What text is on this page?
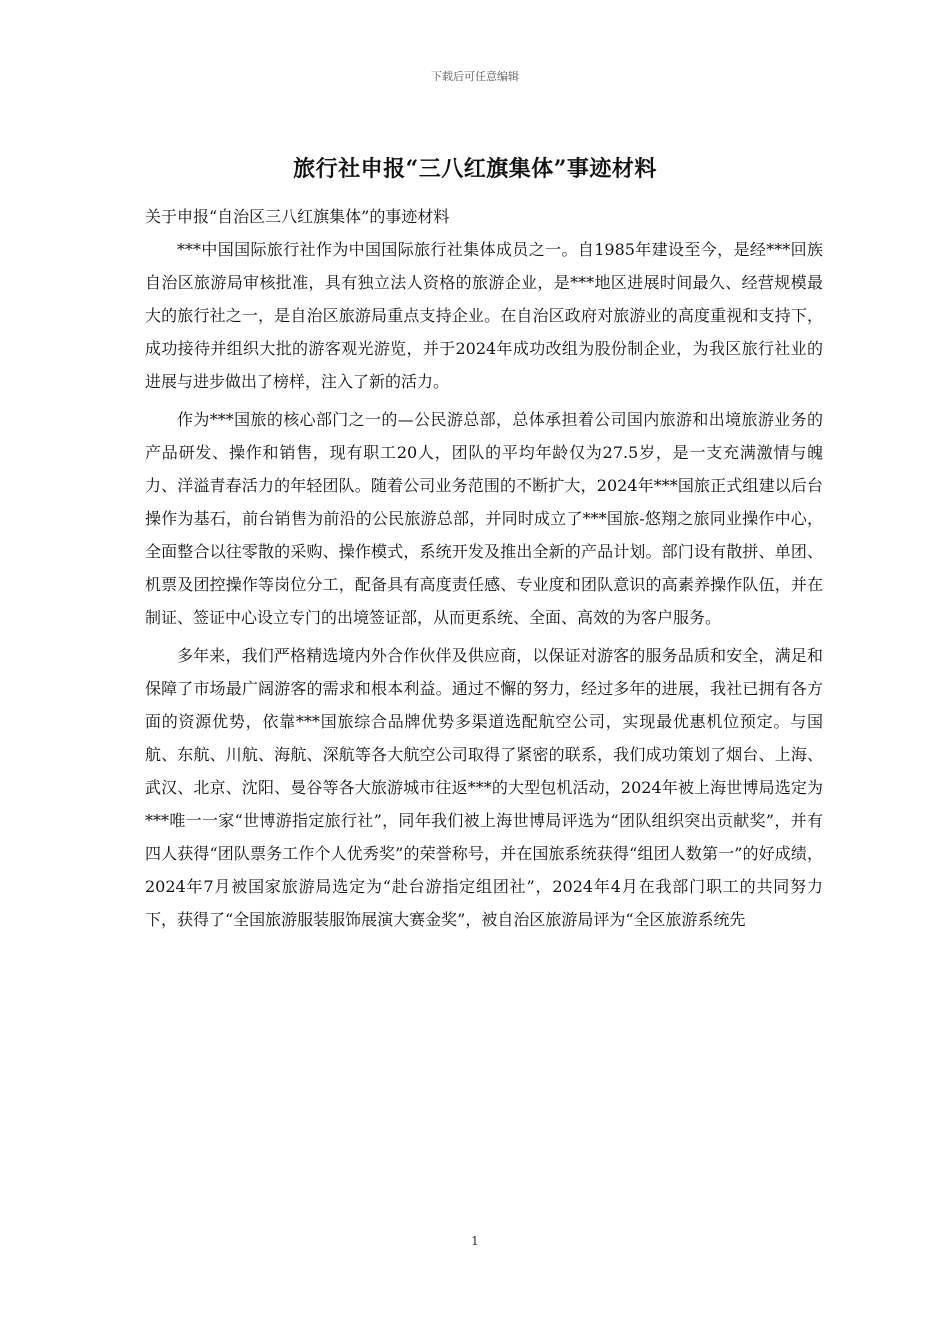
下载后可任意编辑
旅行社申报“三八红旗集体”事迹材料

关于申报“自治区三八红旗集体”的事迹材料

***中国国际旅行社作为中国国际旅行社集体成员之一。自1985年建设至今，是经***回族自治区旅游局审核批准，具有独立法人资格的旅游企业，是***地区进展时间最久、经营规模最大的旅行社之一，是自治区旅游局重点支持企业。在自治区政府对旅游业的高度重视和支持下，成功接待并组织大批的游客观光游览，并于2024年成功改组为股份制企业，为我区旅行社业的进展与进步做出了榜样，注入了新的活力。

作为***国旅的核心部门之一的—公民游总部，总体承担着公司国内旅游和出境旅游业务的产品研发、操作和销售，现有职工20人，团队的平均年龄仅为27.5岁，是一支充满激情与魄力、洋溢青春活力的年轻团队。随着公司业务范围的不断扩大，2024年***国旅正式组建以后台操作为基石，前台销售为前沿的公民旅游总部，并同时成立了***国旅-悠翔之旅同业操作中心，全面整合以往零散的采购、操作模式，系统开发及推出全新的产品计划。部门设有散拼、单团、机票及团控操作等岗位分工，配备具有高度责任感、专业度和团队意识的高素养操作队伍，并在制证、签证中心设立专门的出境签证部，从而更系统、全面、高效的为客户服务。

多年来，我们严格精选境内外合作伙伴及供应商，以保证对游客的服务品质和安全，满足和保障了市场最广阔游客的需求和根本利益。通过不懈的努力，经过多年的进展，我社已拥有各方面的资源优势，依靠***国旅综合品牌优势多渠道选配航空公司，实现最优惠机位预定。与国航、东航、川航、海航、深航等各大航空公司取得了紧密的联系，我们成功策划了烟台、上海、武汉、北京、沈阳、曼谷等各大旅游城市往返***的大型包机活动，2024年被上海世博局选定为***唯一一家“世博游指定旅行社”，同年我们被上海世博局评选为“团队组织突出贡献奖”，并有四人获得“团队票务工作个人优秀奖”的荣誉称号，并在国旅系统获得“组团人数第一”的好成绩，2024年7月被国家旅游局选定为“赴台游指定组团社”，2024年4月在我部门职工的共同努力下，获得了“全国旅游服装服饰展演大赛金奖”，被自治区旅游局评为“全区旅游系统先

1
